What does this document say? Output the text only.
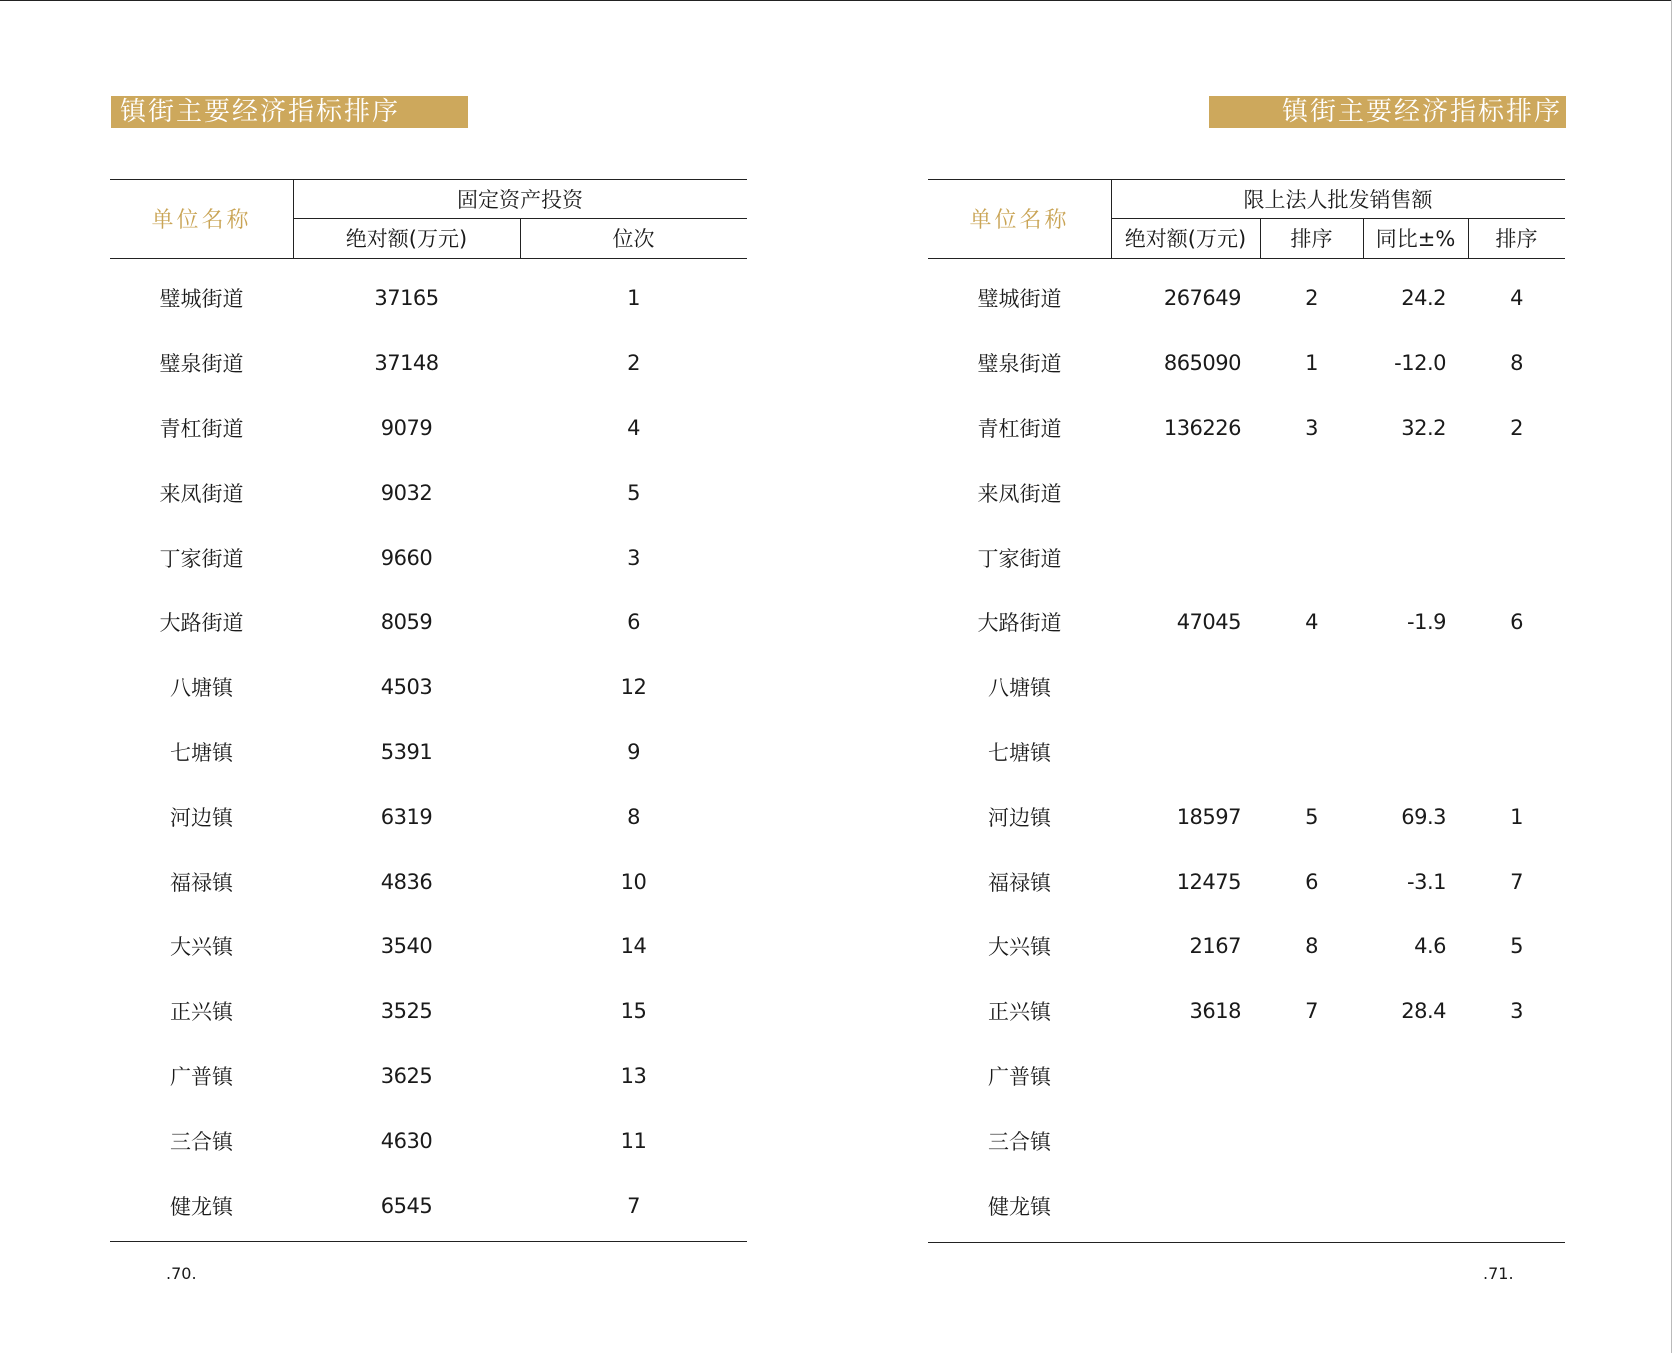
镇街主要经济指标排序
单位名称
固定资产投资
绝对额(万元)	位次
璧城街道	37165	1
璧泉街道	37148	2
青杠街道	9079	4
来凤街道	9032	5
丁家街道	9660	3
大路街道	8059	6
八塘镇	4503	12
七塘镇	5391	9
河边镇	6319	8
福禄镇	4836	10
大兴镇	3540	14
正兴镇	3525	15
广普镇	3625	13
三合镇	4630	11
健龙镇	6545	7
.70.
镇街主要经济指标排序
单位名称
限上法人批发销售额
绝对额(万元)	排序	同比±%	排序
璧城街道	267649	2	24.2	4
璧泉街道	865090	1	-12.0	8
青杠街道	136226	3	32.2	2
来凤街道
丁家街道
大路街道	47045	4	-1.9	6
八塘镇
七塘镇
河边镇	18597	5	69.3	1
福禄镇	12475	6	-3.1	7
大兴镇	2167	8	4.6	5
正兴镇	3618	7	28.4	3
广普镇
三合镇
健龙镇
.71.
